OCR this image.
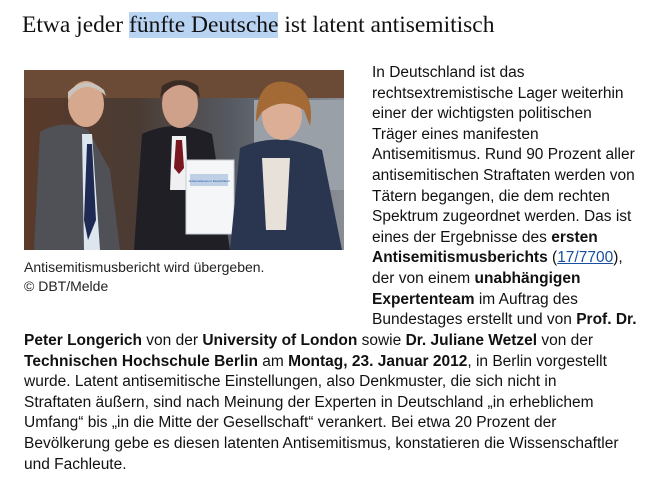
Etwa jeder fünfte Deutsche ist latent antisemitisch
Antisemitismus in Deutschland
Antisemitismusbericht wird übergeben.
© DBT/Melde
In Deutschland ist das
rechtsextremistische Lager weiterhin
einer der wichtigsten politischen
Träger eines manifesten
Antisemitismus. Rund 90 Prozent aller
antisemitischen Straftaten werden von
Tätern begangen, die dem rechten
Spektrum zugeordnet werden. Das ist
eines der Ergebnisse des ersten
Antisemitismusberichts (17/7700),
der von einem unabhängigen
Expertenteam im Auftrag des
Bundestages erstellt und von Prof. Dr.
Peter Longerich von der University of London sowie Dr. Juliane Wetzel von der
Technischen Hochschule Berlin am Montag, 23. Januar 2012, in Berlin vorgestellt
wurde. Latent antisemitische Einstellungen, also Denkmuster, die sich nicht in
Straftaten äußern, sind nach Meinung der Experten in Deutschland „in erheblichem
Umfang“ bis „in die Mitte der Gesellschaft“ verankert. Bei etwa 20 Prozent der
Bevölkerung gebe es diesen latenten Antisemitismus, konstatieren die Wissenschaftler
und Fachleute.
